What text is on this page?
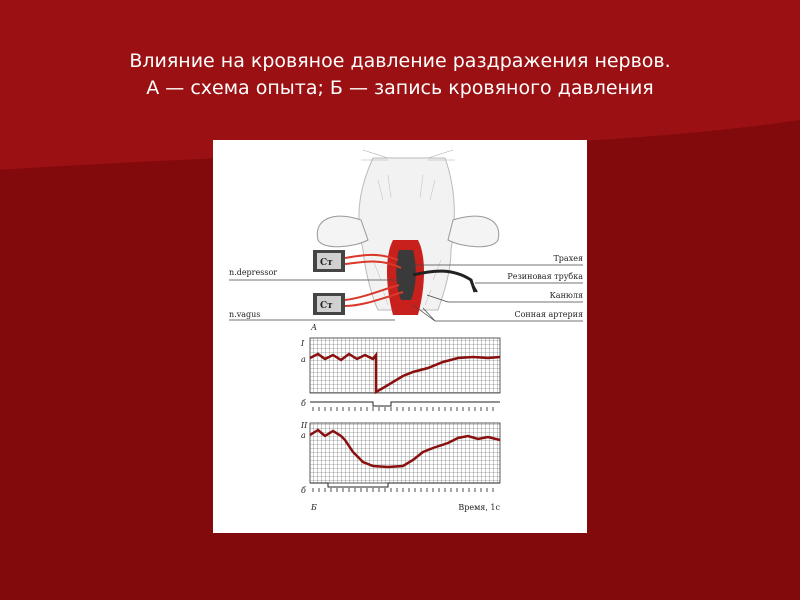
Влияние на кровяное давление раздражения нервов.
А — схема опыта; Б — запись кровяного давления
Ст
Ст
n.depressor
n.vagus
Трахея
Резиновая трубка
Канюля
Сонная артерия
А
I
а
б
II
а
б
Б	Время, 1с
